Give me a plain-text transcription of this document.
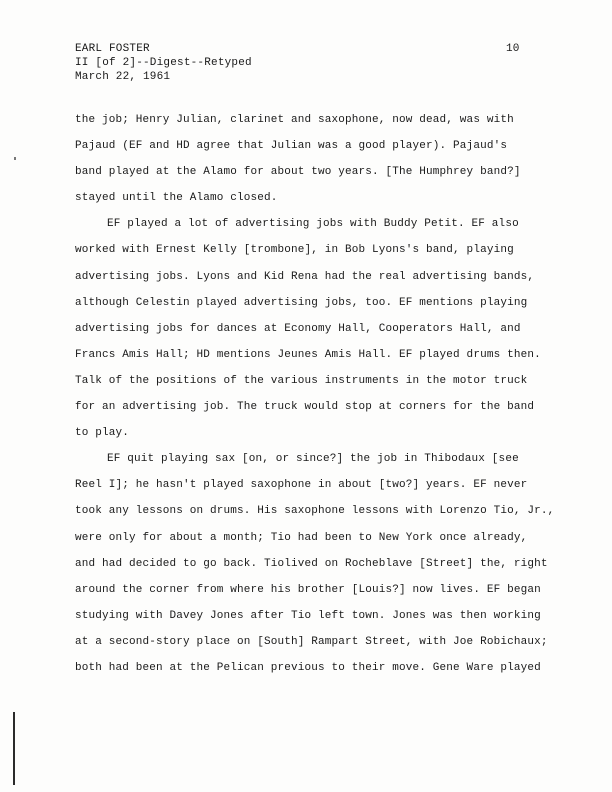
EARL FOSTER
II [of 2]--Digest--Retyped
March 22, 1961
10
the job; Henry Julian, clarinet and saxophone, now dead, was with
Pajaud (EF and HD agree that Julian was a good player). Pajaud's
band played at the Alamo for about two years. [The Humphrey band?]
stayed until the Alamo closed.
EF played a lot of advertising jobs with Buddy Petit. EF also
worked with Ernest Kelly [trombone], in Bob Lyons's band, playing
advertising jobs. Lyons and Kid Rena had the real advertising bands,
although Celestin played advertising jobs, too. EF mentions playing
advertising jobs for dances at Economy Hall, Cooperators Hall, and
Francs Amis Hall; HD mentions Jeunes Amis Hall. EF played drums then.
Talk of the positions of the various instruments in the motor truck
for an advertising job. The truck would stop at corners for the band
to play.
EF quit playing sax [on, or since?] the job in Thibodaux [see
Reel I]; he hasn't played saxophone in about [two?] years. EF never
took any lessons on drums. His saxophone lessons with Lorenzo Tio, Jr.,
were only for about a month; Tio had been to New York once already,
and had decided to go back. Tiolived on Rocheblave [Street] the, right
around the corner from where his brother [Louis?] now lives. EF began
studying with Davey Jones after Tio left town. Jones was then working
at a second-story place on [South] Rampart Street, with Joe Robichaux;
both had been at the Pelican previous to their move. Gene Ware played
